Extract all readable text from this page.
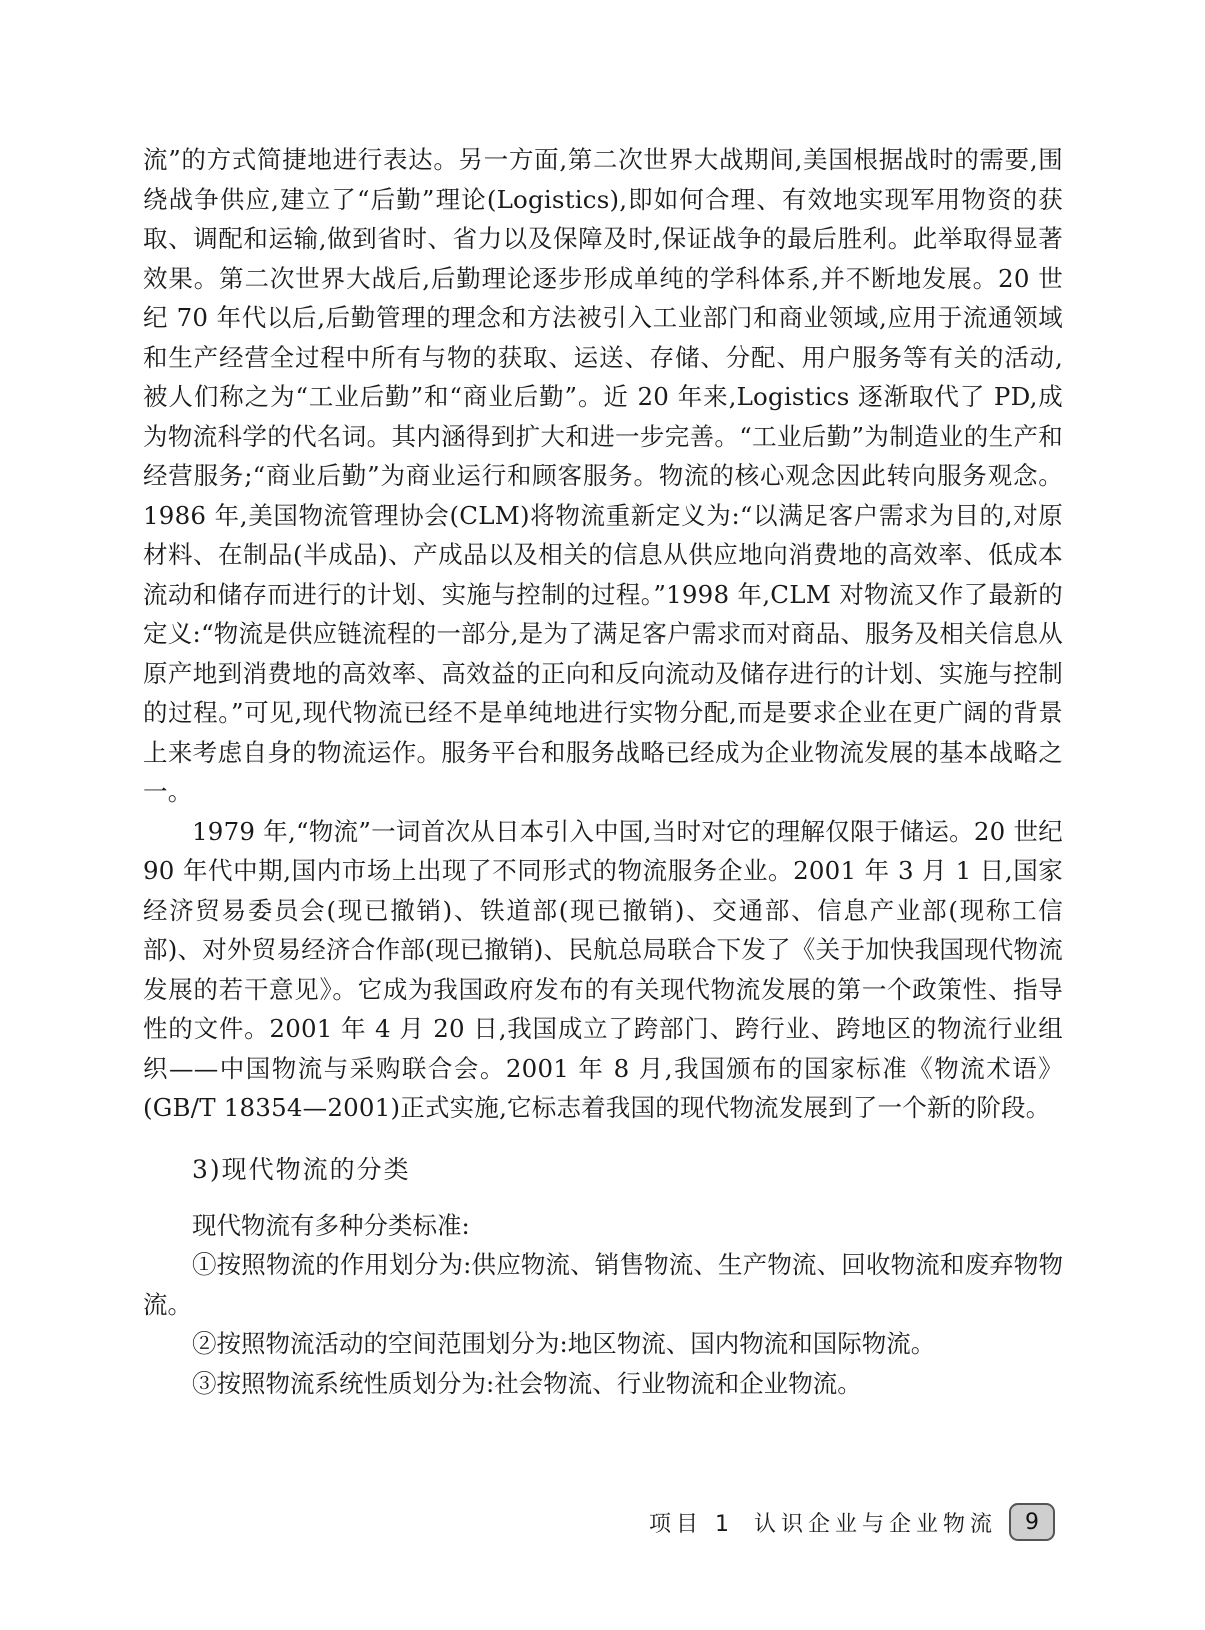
流”的方式简捷地进行表达。另一方面,第二次世界大战期间,美国根据战时的需要,围绕战争供应,建立了“后勤”理论(Logistics),即如何合理、有效地实现军用物资的获取、调配和运输,做到省时、省力以及保障及时,保证战争的最后胜利。此举取得显著效果。第二次世界大战后,后勤理论逐步形成单纯的学科体系,并不断地发展。20 世纪 70 年代以后,后勤管理的理念和方法被引入工业部门和商业领域,应用于流通领域和生产经营全过程中所有与物的获取、运送、存储、分配、用户服务等有关的活动,被人们称之为“工业后勤”和“商业后勤”。近 20 年来,Logistics 逐渐取代了 PD,成为物流科学的代名词。其内涵得到扩大和进一步完善。“工业后勤”为制造业的生产和经营服务;“商业后勤”为商业运行和顾客服务。物流的核心观念因此转向服务观念。1986 年,美国物流管理协会(CLM)将物流重新定义为:“以满足客户需求为目的,对原材料、在制品(半成品)、产成品以及相关的信息从供应地向消费地的高效率、低成本流动和储存而进行的计划、实施与控制的过程。”1998 年,CLM 对物流又作了最新的定义:“物流是供应链流程的一部分,是为了满足客户需求而对商品、服务及相关信息从原产地到消费地的高效率、高效益的正向和反向流动及储存进行的计划、实施与控制的过程。”可见,现代物流已经不是单纯地进行实物分配,而是要求企业在更广阔的背景上来考虑自身的物流运作。服务平台和服务战略已经成为企业物流发展的基本战略之一。

1979 年,“物流”一词首次从日本引入中国,当时对它的理解仅限于储运。20 世纪 90 年代中期,国内市场上出现了不同形式的物流服务企业。2001 年 3 月 1 日,国家经济贸易委员会(现已撤销)、铁道部(现已撤销)、交通部、信息产业部(现称工信部)、对外贸易经济合作部(现已撤销)、民航总局联合下发了《关于加快我国现代物流发展的若干意见》。它成为我国政府发布的有关现代物流发展的第一个政策性、指导性的文件。2001 年 4 月 20 日,我国成立了跨部门、跨行业、跨地区的物流行业组织——中国物流与采购联合会。2001 年 8 月,我国颁布的国家标准《物流术语》(GB/T 18354—2001)正式实施,它标志着我国的现代物流发展到了一个新的阶段。

3)现代物流的分类

现代物流有多种分类标准:

①按照物流的作用划分为:供应物流、销售物流、生产物流、回收物流和废弃物物流。

②按照物流活动的空间范围划分为:地区物流、国内物流和国际物流。

③按照物流系统性质划分为:社会物流、行业物流和企业物流。

项目 1 认识企业与企业物流 9
